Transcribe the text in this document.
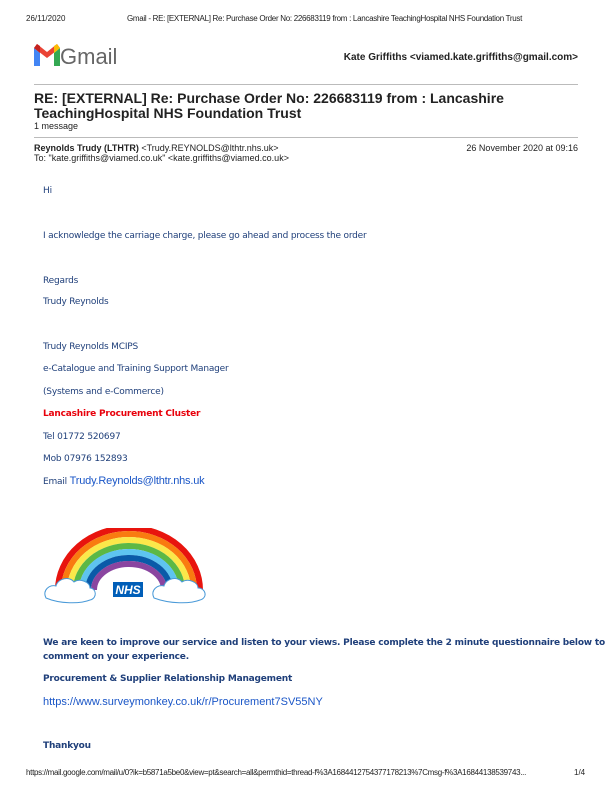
26/11/2020	Gmail - RE: [EXTERNAL] Re: Purchase Order No: 226683119 from : Lancashire TeachingHospital NHS Foundation Trust
Gmail	Kate Griffiths <viamed.kate.griffiths@gmail.com>
RE: [EXTERNAL] Re: Purchase Order No: 226683119 from : Lancashire
TeachingHospital NHS Foundation Trust
1 message
Reynolds Trudy (LTHTR) <Trudy.REYNOLDS@lthtr.nhs.uk>	26 November 2020 at 09:16
To: "kate.griffiths@viamed.co.uk" <kate.griffiths@viamed.co.uk>
Hi
I acknowledge the carriage charge, please go ahead and process the order
Regards
Trudy Reynolds
Trudy Reynolds MCIPS
e-Catalogue and Training Support Manager
(Systems and e-Commerce)
Lancashire Procurement Cluster
Tel 01772 520697
Mob 07976 152893
Email Trudy.Reynolds@lthtr.nhs.uk
NHS
We are keen to improve our service and listen to your views. Please complete the 2 minute questionnaire below to
comment on your experience.
Procurement & Supplier Relationship Management
https://www.surveymonkey.co.uk/r/Procurement7SV55NY
Thankyou
https://mail.google.com/mail/u/0?ik=b5871a5be0&view=pt&search=all&permthid=thread-f%3A1684412754377178213%7Cmsg-f%3A16844138539743...	1/4
